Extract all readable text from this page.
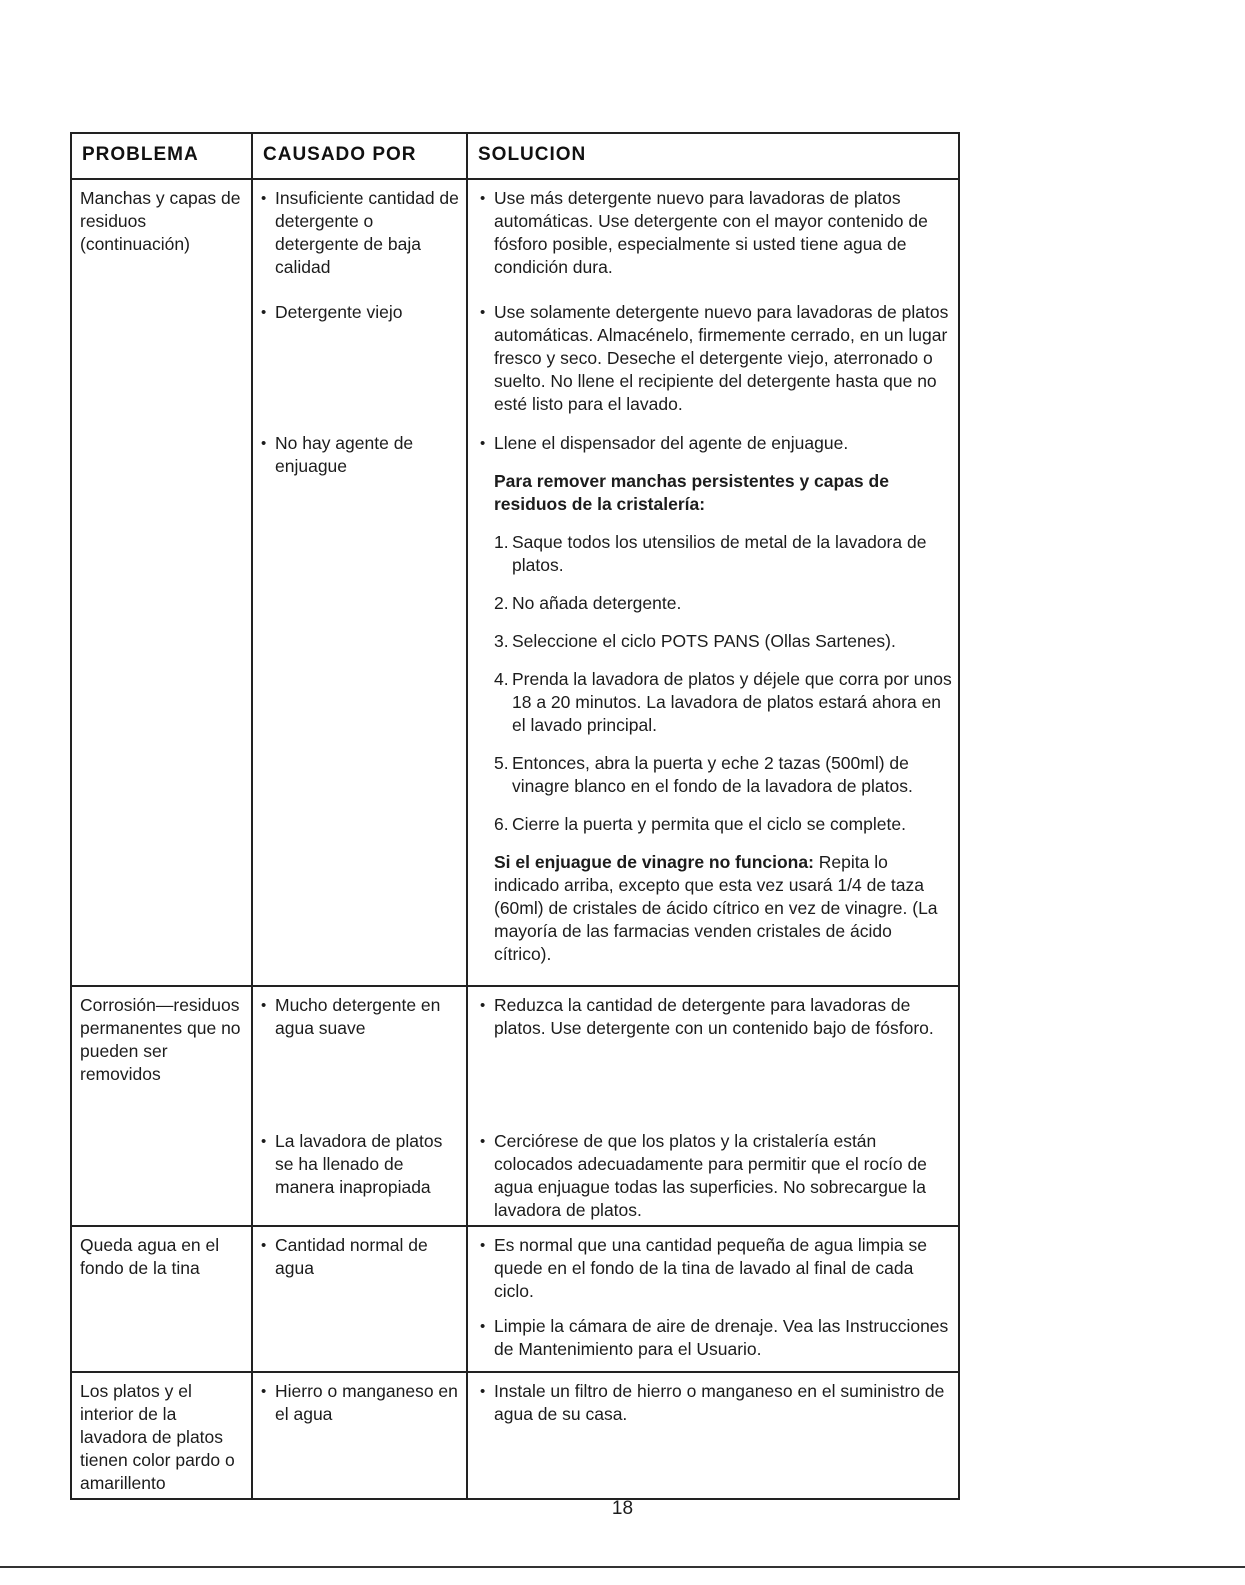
PROBLEMA	CAUSADO POR	SOLUCION
Manchas y capas de residuos (continuación)
• Insuficiente cantidad de detergente o detergente de baja calidad
• Detergente viejo
• No hay agente de enjuague
• Use más detergente nuevo para lavadoras de platos automáticas. Use detergente con el mayor contenido de fósforo posible, especialmente si usted tiene agua de condición dura.
• Use solamente detergente nuevo para lavadoras de platos automáticas. Almacénelo, firmemente cerrado, en un lugar fresco y seco. Deseche el detergente viejo, aterronado o suelto. No llene el recipiente del detergente hasta que no esté listo para el lavado.
• Llene el dispensador del agente de enjuague.
Para remover manchas persistentes y capas de residuos de la cristalería:
1. Saque todos los utensilios de metal de la lavadora de platos.
2. No añada detergente.
3. Seleccione el ciclo POTS PANS (Ollas Sartenes).
4. Prenda la lavadora de platos y déjele que corra por unos 18 a 20 minutos. La lavadora de platos estará ahora en el lavado principal.
5. Entonces, abra la puerta y eche 2 tazas (500ml) de vinagre blanco en el fondo de la lavadora de platos.
6. Cierre la puerta y permita que el ciclo se complete.
Si el enjuague de vinagre no funciona: Repita lo indicado arriba, excepto que esta vez usará 1/4 de taza (60ml) de cristales de ácido cítrico en vez de vinagre. (La mayoría de las farmacias venden cristales de ácido cítrico).
Corrosión—residuos permanentes que no pueden ser removidos
• Mucho detergente en agua suave
• La lavadora de platos se ha llenado de manera inapropiada
• Reduzca la cantidad de detergente para lavadoras de platos. Use detergente con un contenido bajo de fósforo.
• Cerciórese de que los platos y la cristalería están colocados adecuadamente para permitir que el rocío de agua enjuague todas las superficies. No sobrecargue la lavadora de platos.
Queda agua en el fondo de la tina
• Cantidad normal de agua
• Es normal que una cantidad pequeña de agua limpia se quede en el fondo de la tina de lavado al final de cada ciclo.
• Limpie la cámara de aire de drenaje. Vea las Instrucciones de Mantenimiento para el Usuario.
Los platos y el interior de la lavadora de platos tienen color pardo o amarillento
• Hierro o manganeso en el agua
• Instale un filtro de hierro o manganeso en el suministro de agua de su casa.
18
